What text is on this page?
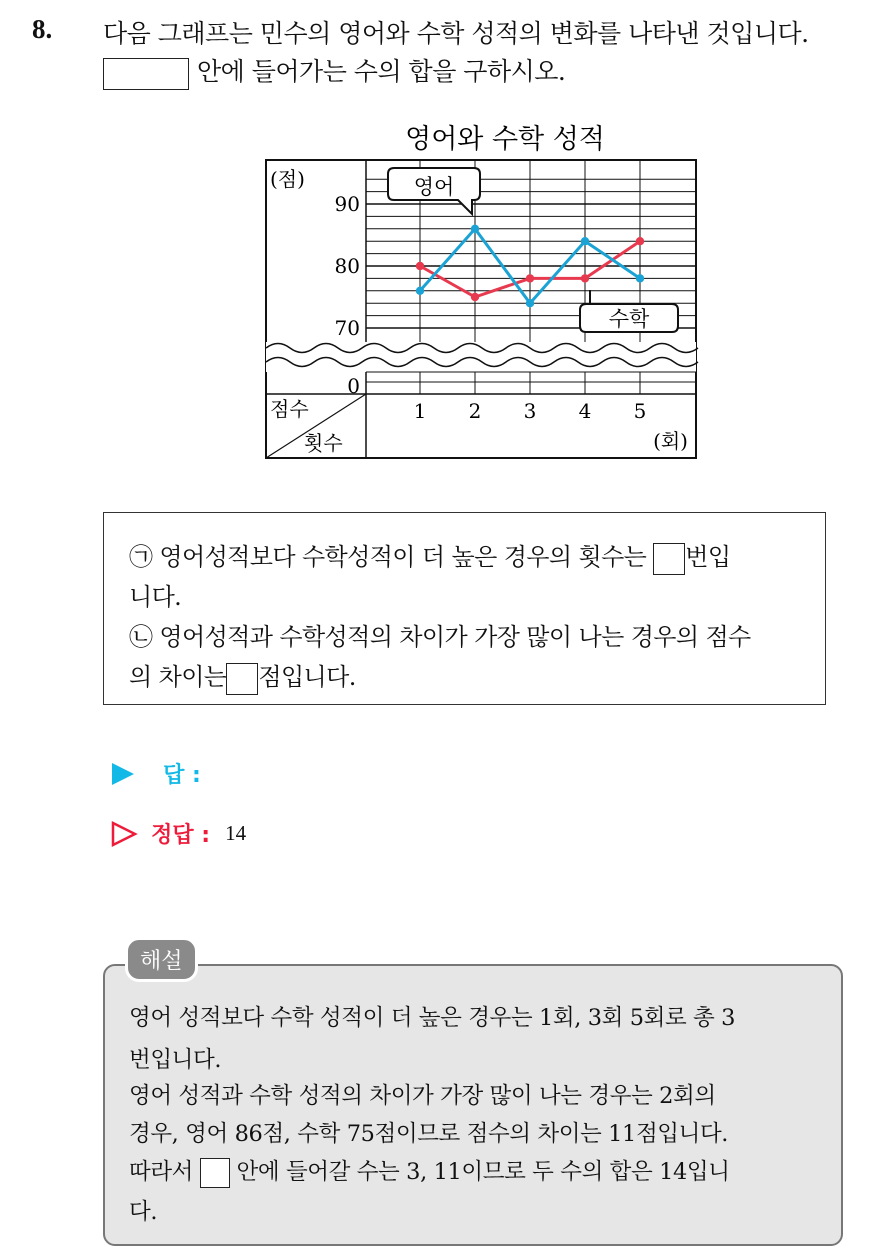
8. 다음 그래프는 민수의 영어와 수학 성적의 변화를 나타낸 것입니다.
안에 들어가는 수의 합을 구하시오.
영어와 수학 성적
(점)
0
70
80
90
1 2 3 4 5
점수
횟수	(회)
영어
수학

㉠ 영어성적보다 수학성적이 더 높은 경우의 횟수는 번입

니다.

㉡ 영어성적과 수학성적의 차이가 가장 많이 나는 경우의 점수

의 차이는 점입니다.

답 :
정답 : 14

영어 성적보다 수학 성적이 더 높은 경우는 1회, 3회 5회로 총 3

번입니다.

영어 성적과 수학 성적의 차이가 가장 많이 나는 경우는 2회의

경우, 영어 86점, 수학 75점이므로 점수의 차이는 11점입니다.

따라서 안에 들어갈 수는 3, 11이므로 두 수의 합은 14입니

다.

해설
